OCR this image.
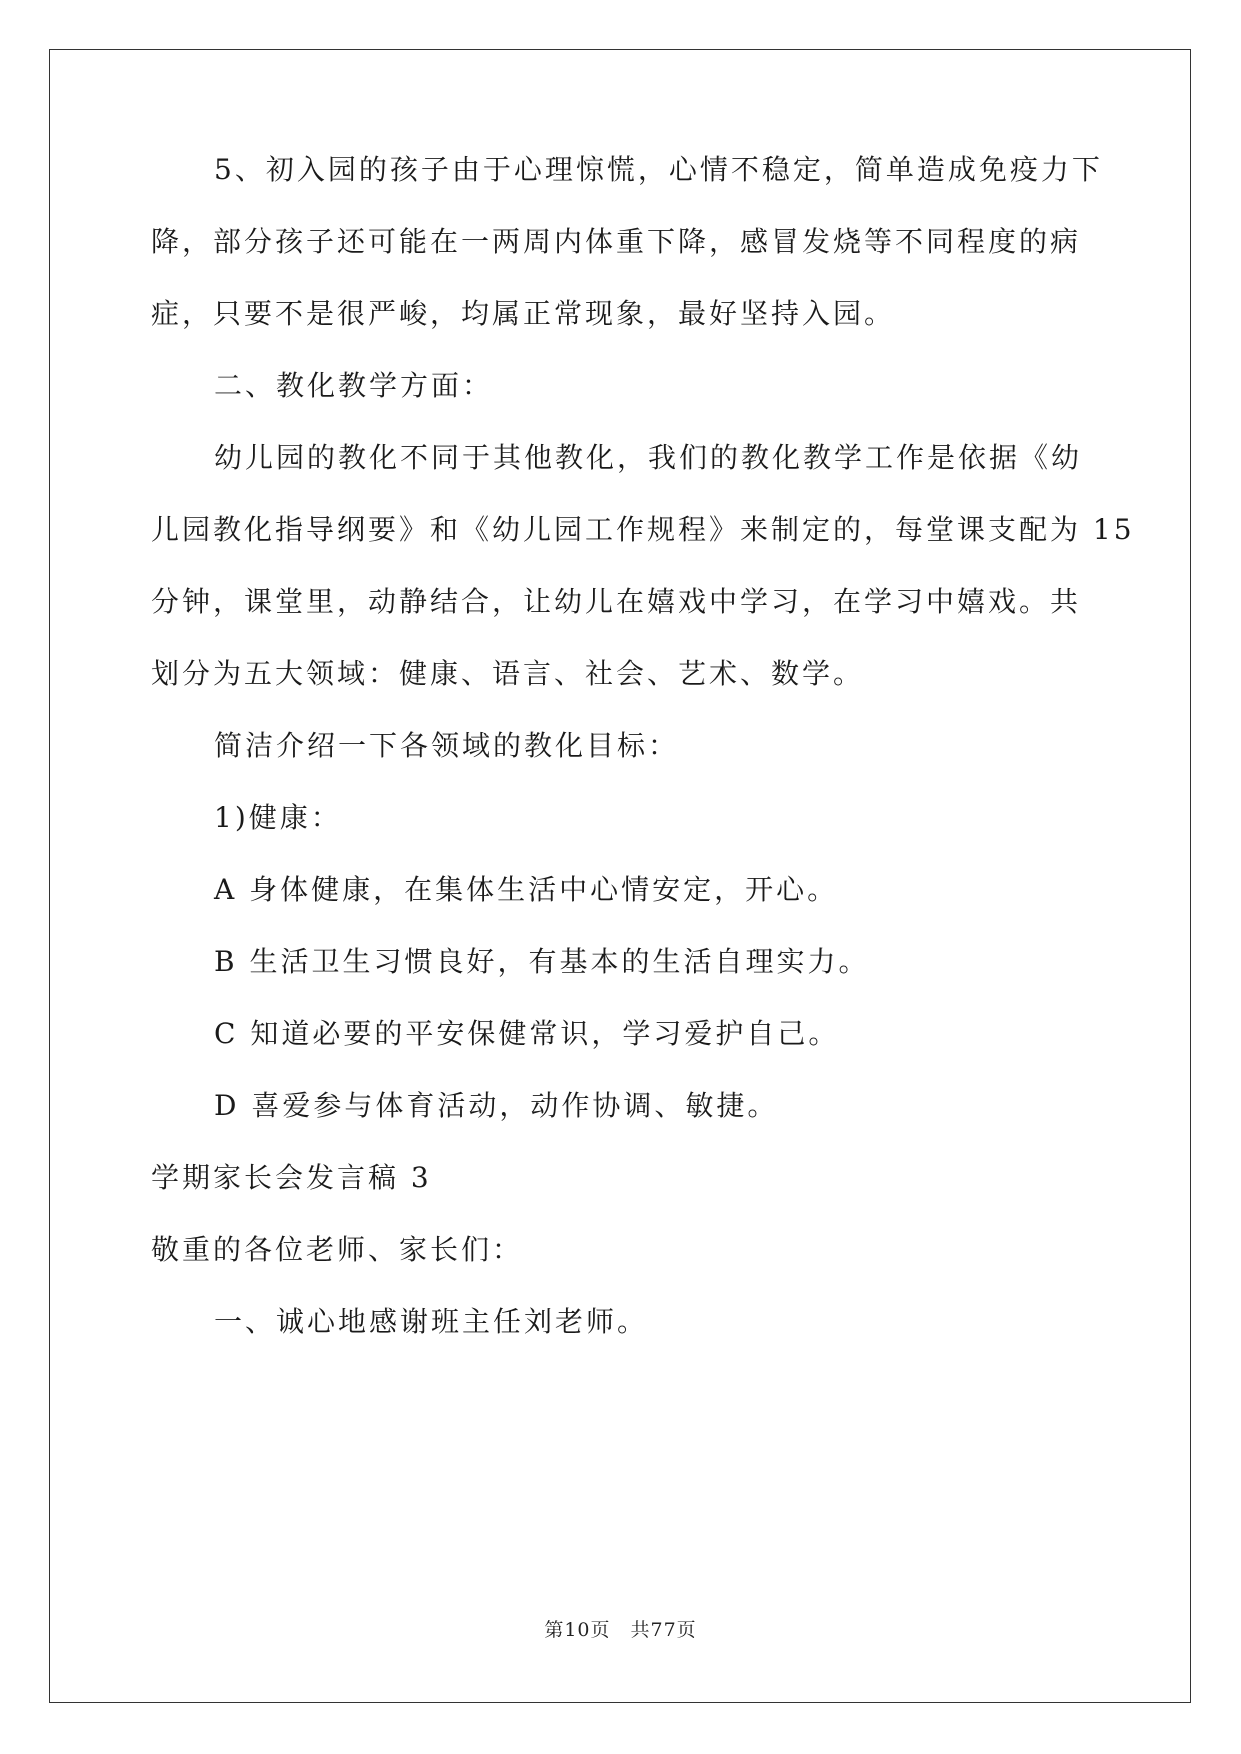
5、初入园的孩子由于心理惊慌，心情不稳定，简单造成免疫力下
降，部分孩子还可能在一两周内体重下降，感冒发烧等不同程度的病
症，只要不是很严峻，均属正常现象，最好坚持入园。
二、教化教学方面：
幼儿园的教化不同于其他教化，我们的教化教学工作是依据《幼
儿园教化指导纲要》和《幼儿园工作规程》来制定的，每堂课支配为 15
分钟，课堂里，动静结合，让幼儿在嬉戏中学习，在学习中嬉戏。共
划分为五大领域：健康、语言、社会、艺术、数学。
简洁介绍一下各领域的教化目标：
1)健康：
A 身体健康，在集体生活中心情安定，开心。
B 生活卫生习惯良好，有基本的生活自理实力。
C 知道必要的平安保健常识，学习爱护自己。
D 喜爱参与体育活动，动作协调、敏捷。
学期家长会发言稿 3
敬重的各位老师、家长们：
一、诚心地感谢班主任刘老师。
第10页 共77页
